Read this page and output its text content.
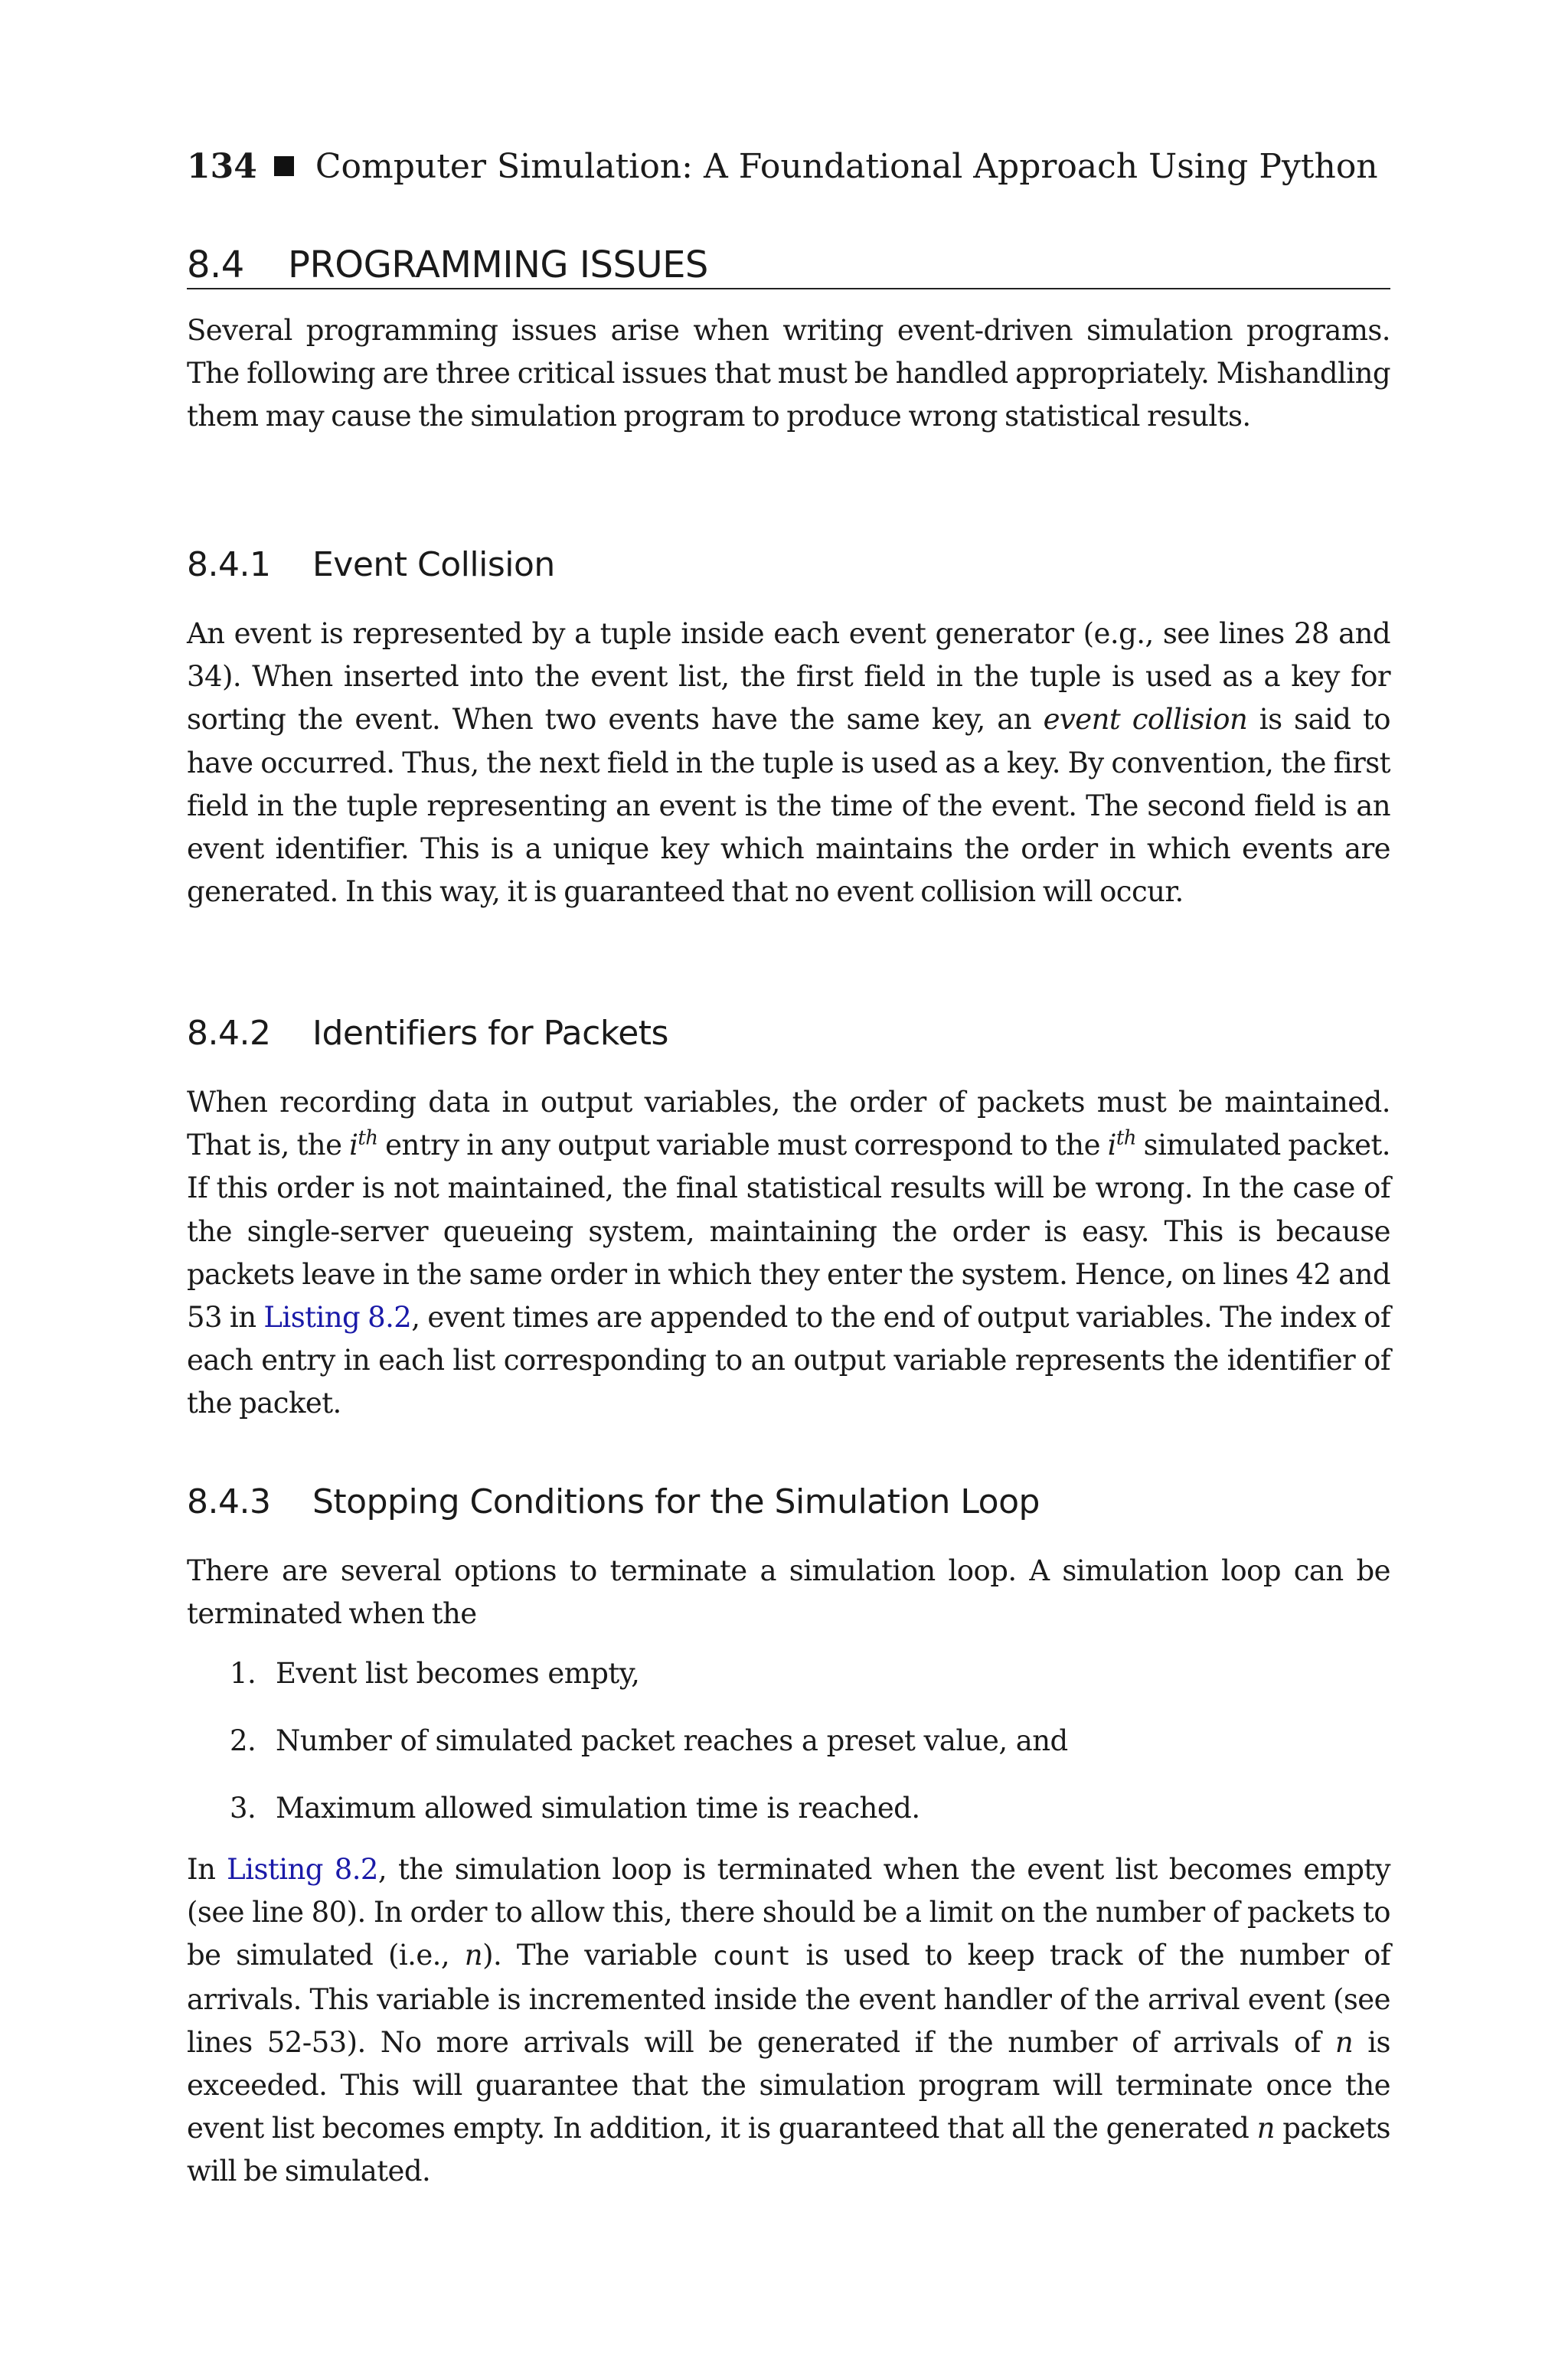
134 Computer Simulation: A Foundational Approach Using Python
8.4 PROGRAMMING ISSUES

Several programming issues arise when writing event-driven simulation programs. The following are three critical issues that must be handled appropriately. Mishandling them may cause the simulation program to produce wrong statistical results.

8.4.1 Event Collision

An event is represented by a tuple inside each event generator (e.g., see lines 28 and 34). When inserted into the event list, the first field in the tuple is used as a key for sorting the event. When two events have the same key, an event collision is said to have occurred. Thus, the next field in the tuple is used as a key. By convention, the first field in the tuple representing an event is the time of the event. The second field is an event identifier. This is a unique key which maintains the order in which events are generated. In this way, it is guaranteed that no event collision will occur.

8.4.2 Identifiers for Packets

When recording data in output variables, the order of packets must be maintained. That is, the $i^{th}$ entry in any output variable must correspond to the $i^{th}$ simulated packet. If this order is not maintained, the final statistical results will be wrong. In the case of the single-server queueing system, maintaining the order is easy. This is because packets leave in the same order in which they enter the system. Hence, on lines 42 and 53 in Listing 8.2, event times are appended to the end of output variables. The index of each entry in each list corresponding to an output variable represents the identifier of the packet.

8.4.3 Stopping Conditions for the Simulation Loop

There are several options to terminate a simulation loop. A simulation loop can be terminated when the

1. Event list becomes empty,
2. Number of simulated packet reaches a preset value, and
3. Maximum allowed simulation time is reached.

In Listing 8.2, the simulation loop is terminated when the event list becomes empty (see line 80). In order to allow this, there should be a limit on the number of packets to be simulated (i.e., n). The variable count is used to keep track of the number of arrivals. This variable is incremented inside the event handler of the arrival event (see lines 52-53). No more arrivals will be generated if the number of arrivals of n is exceeded. This will guarantee that the simulation program will terminate once the event list becomes empty. In addition, it is guaranteed that all the generated n packets will be simulated.
